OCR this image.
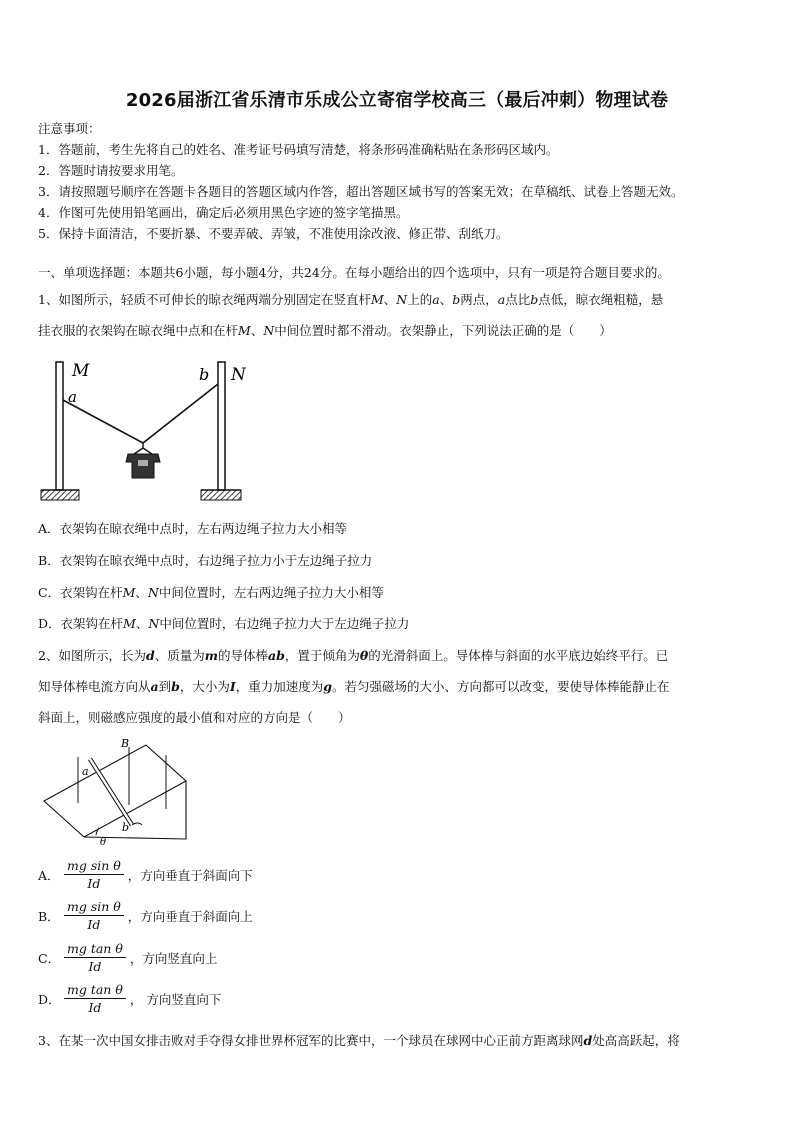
2026届浙江省乐清市乐成公立寄宿学校高三（最后冲刺）物理试卷
注意事项：
1．答题前，考生先将自己的姓名、准考证号码填写清楚，将条形码准确粘贴在条形码区域内。
2．答题时请按要求用笔。
3．请按照题号顺序在答题卡各题目的答题区域内作答，超出答题区域书写的答案无效；在草稿纸、试卷上答题无效。
4．作图可先使用铅笔画出，确定后必须用黑色字迹的签字笔描黑。
5．保持卡面清洁，不要折暴、不要弄破、弄皱，不准使用涂改液、修正带、刮纸刀。
一、单项选择题：本题共6小题，每小题4分，共24分。在每小题给出的四个选项中，只有一项是符合题目要求的。
1、如图所示，轻质不可伸长的晾衣绳两端分别固定在竖直杆M、N上的a、b两点，a点比b点低，晾衣绳粗糙，悬
挂衣服的衣架钩在晾衣绳中点和在杆M、N中间位置时都不滑动。衣架静止，下列说法正确的是（　　）
M
a
b N
A．衣架钩在晾衣绳中点时，左右两边绳子拉力大小相等
B．衣架钩在晾衣绳中点时，右边绳子拉力小于左边绳子拉力
C．衣架钩在杆M、N中间位置时，左右两边绳子拉力大小相等
D．衣架钩在杆M、N中间位置时，右边绳子拉力大于左边绳子拉力
2、如图所示，长为d、质量为m的导体棒ab，置于倾角为θ的光滑斜面上。导体棒与斜面的水平底边始终平行。已
知导体棒电流方向从a到b，大小为I，重力加速度为g。若匀强磁场的大小、方向都可以改变，要使导体棒能静止在
斜面上，则磁感应强度的最小值和对应的方向是（　　）
B
a
b
θ
A． $\frac{\text{mg sin θ}}{Id}$ ，方向垂直于斜面向下
B． $\frac{\text{mg sin θ}}{Id}$ ，方向垂直于斜面向上
C． $\frac{\text{mg tan θ}}{Id}$ ，方向竖直向上
D． $\frac{\text{mg tan θ}}{Id}$ ， 方向竖直向下
3、在某一次中国女排击败对手夺得女排世界杯冠军的比赛中，一个球员在球网中心正前方距离球网d处高高跃起，将
